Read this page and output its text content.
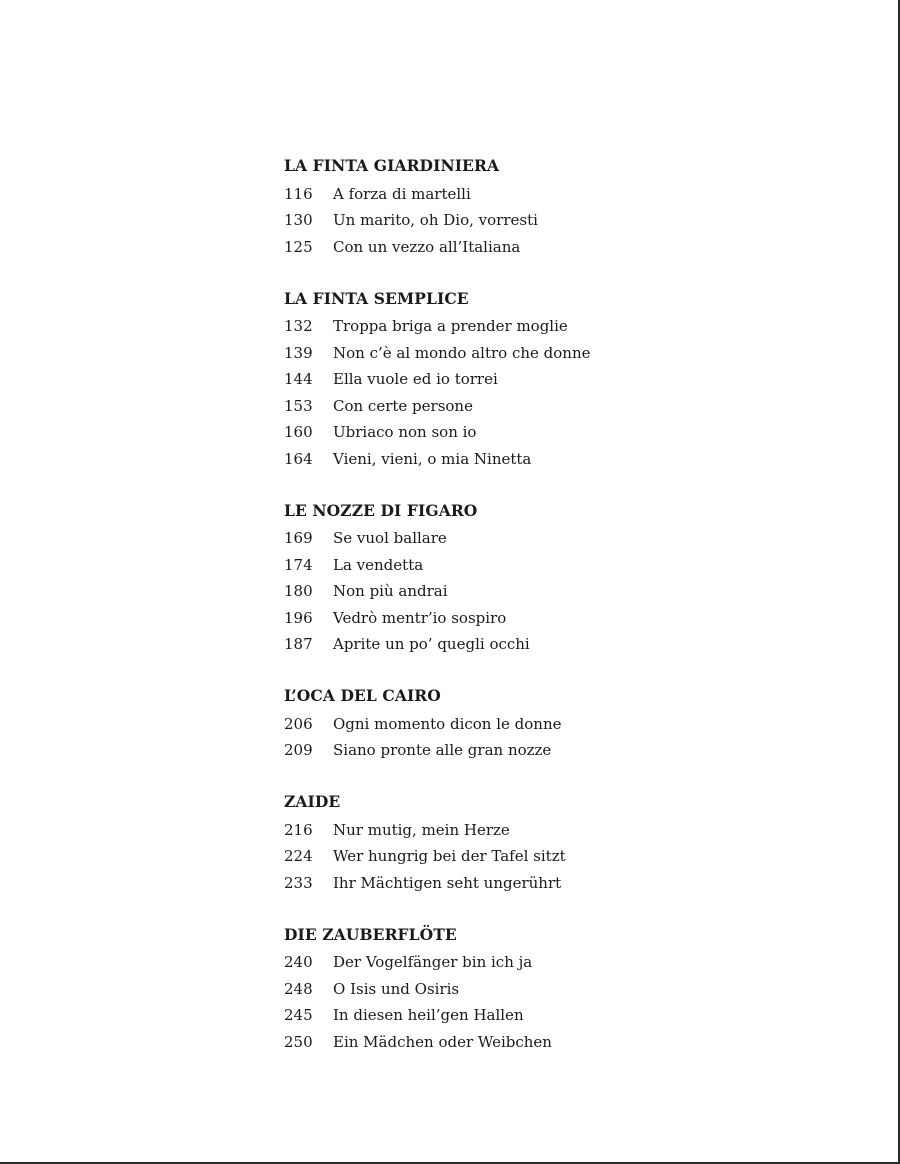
LA FINTA GIARDINIERA
116	A forza di martelli
130	Un marito, oh Dio, vorresti
125	Con un vezzo all’Italiana
LA FINTA SEMPLICE
132	Troppa briga a prender moglie
139	Non c’è al mondo altro che donne
144	Ella vuole ed io torrei
153	Con certe persone
160	Ubriaco non son io
164	Vieni, vieni, o mia Ninetta
LE NOZZE DI FIGARO
169	Se vuol ballare
174	La vendetta
180	Non più andrai
196	Vedrò mentr’io sospiro
187	Aprite un po’ quegli occhi
L’OCA DEL CAIRO
206	Ogni momento dicon le donne
209	Siano pronte alle gran nozze
ZAIDE
216	Nur mutig, mein Herze
224	Wer hungrig bei der Tafel sitzt
233	Ihr Mächtigen seht ungerührt
DIE ZAUBERFLÖTE
240	Der Vogelfänger bin ich ja
248	O Isis und Osiris
245	In diesen heil’gen Hallen
250	Ein Mädchen oder Weibchen
